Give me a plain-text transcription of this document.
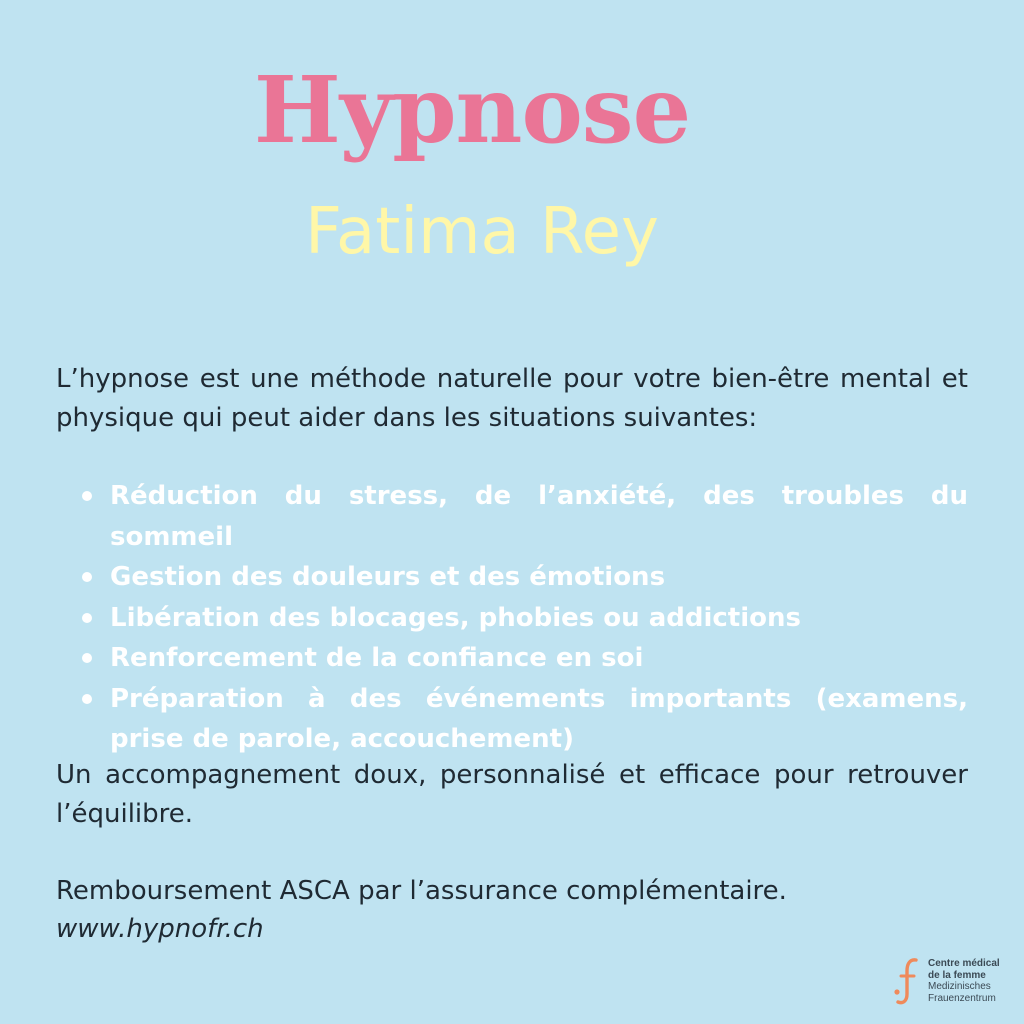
Hypnose
Fatima Rey
L’hypnose est une méthode naturelle pour votre bien-être mental et physique qui peut aider dans les situations suivantes:
Réduction du stress, de l’anxiété, des troubles du sommeil
Gestion des douleurs et des émotions
Libération des blocages, phobies ou addictions
Renforcement de la confiance en soi
Préparation à des événements importants (examens, prise de parole, accouchement)
Un accompagnement doux, personnalisé et efficace pour retrouver l’équilibre.
Remboursement ASCA par l’assurance complémentaire.
www.hypnofr.ch
Centre médical
de la femme
Medizinisches
Frauenzentrum
